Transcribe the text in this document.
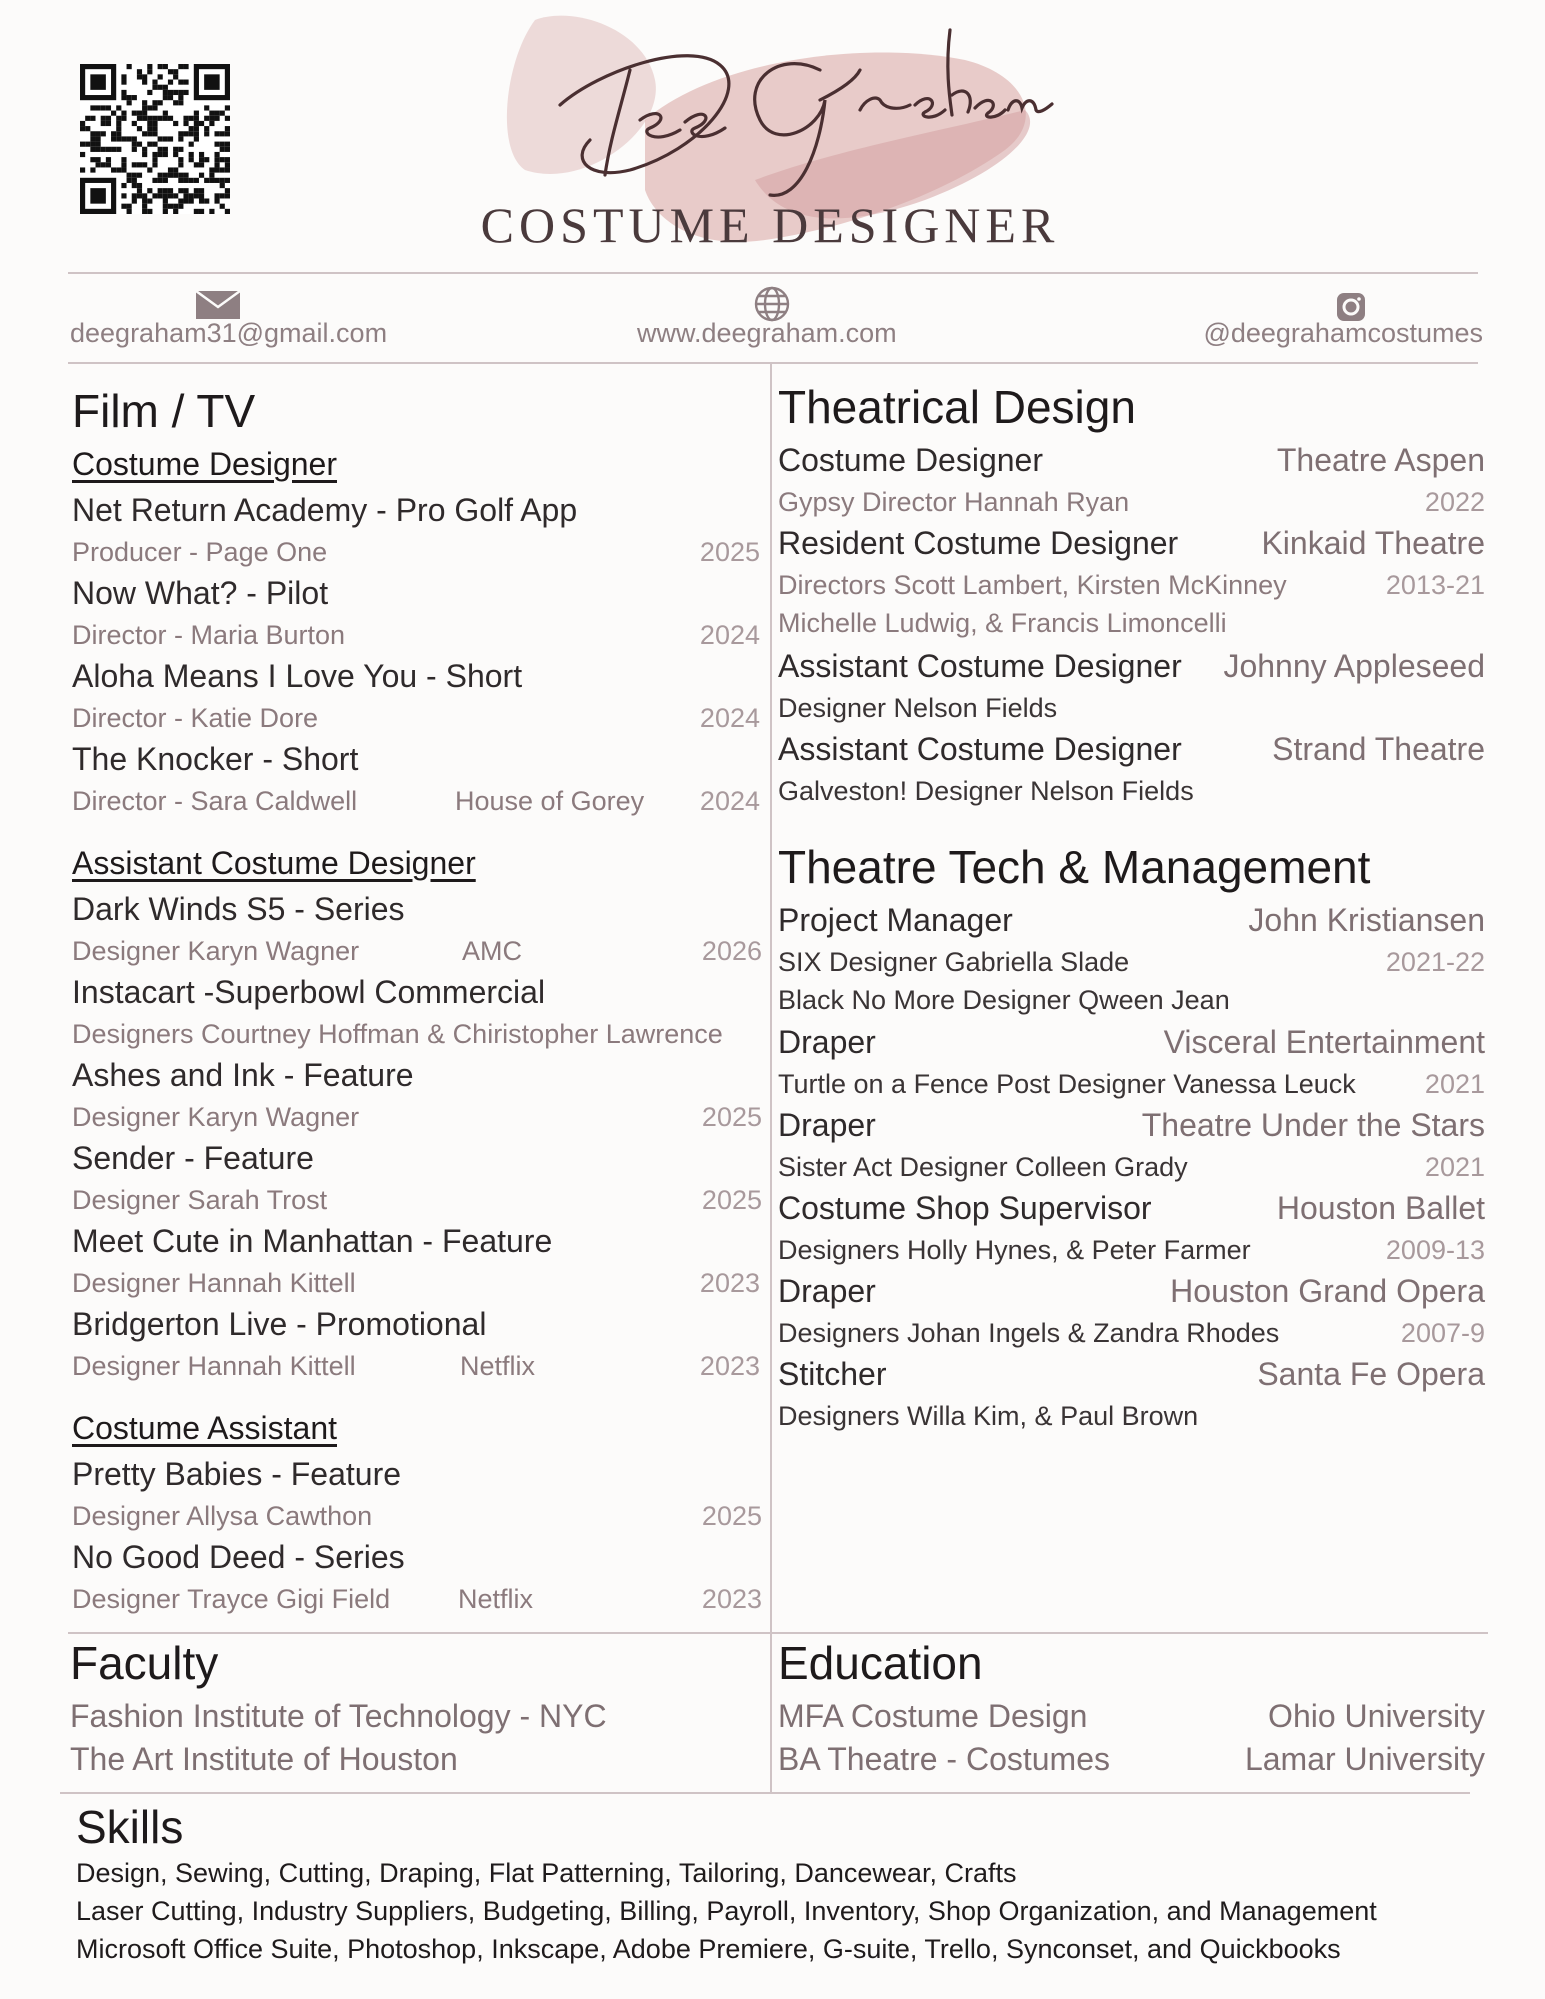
COSTUME DESIGNER
deegraham31@gmail.com	www.deegraham.com	@deegrahamcostumes
Film / TV
Costume Designer
Net Return Academy - Pro Golf App
Producer - Page One	2025
Now What? - Pilot
Director - Maria Burton	2024
Aloha Means I Love You - Short
Director - Katie Dore	2024
The Knocker - Short
Director - Sara Caldwell	House of Gorey	2024
Assistant Costume Designer
Dark Winds S5 - Series
Designer Karyn Wagner	AMC	2026
Instacart -Superbowl Commercial
Designers Courtney Hoffman & Chiristopher Lawrence
Ashes and Ink - Feature
Designer Karyn Wagner	2025
Sender - Feature
Designer Sarah Trost	2025
Meet Cute in Manhattan - Feature
Designer Hannah Kittell	2023
Bridgerton Live - Promotional
Designer Hannah Kittell	Netflix	2023
Costume Assistant
Pretty Babies - Feature
Designer Allysa Cawthon	2025
No Good Deed - Series
Designer Trayce Gigi Field	Netflix	2023
Theatrical Design
Costume Designer	Theatre Aspen
Gypsy Director Hannah Ryan	2022
Resident Costume Designer	Kinkaid Theatre
Directors Scott Lambert, Kirsten McKinney	2013-21
Michelle Ludwig, & Francis Limoncelli
Assistant Costume Designer	Johnny Appleseed
Designer Nelson Fields
Assistant Costume Designer	Strand Theatre
Galveston! Designer Nelson Fields
Theatre Tech & Management
Project Manager	John Kristiansen
SIX Designer Gabriella Slade	2021-22
Black No More Designer Qween Jean
Draper	Visceral Entertainment
Turtle on a Fence Post Designer Vanessa Leuck	2021
Draper	Theatre Under the Stars
Sister Act Designer Colleen Grady	2021
Costume Shop Supervisor	Houston Ballet
Designers Holly Hynes, & Peter Farmer	2009-13
Draper	Houston Grand Opera
Designers Johan Ingels & Zandra Rhodes	2007-9
Stitcher	Santa Fe Opera
Designers Willa Kim, & Paul Brown
Faculty
Fashion Institute of Technology - NYC
The Art Institute of Houston
Education
MFA Costume Design	Ohio University
BA Theatre - Costumes	Lamar University
Skills
Design, Sewing, Cutting, Draping, Flat Patterning, Tailoring, Dancewear, Crafts
Laser Cutting, Industry Suppliers, Budgeting, Billing, Payroll, Inventory, Shop Organization, and Management
Microsoft Office Suite, Photoshop, Inkscape, Adobe Premiere, G-suite, Trello, Synconset, and Quickbooks
